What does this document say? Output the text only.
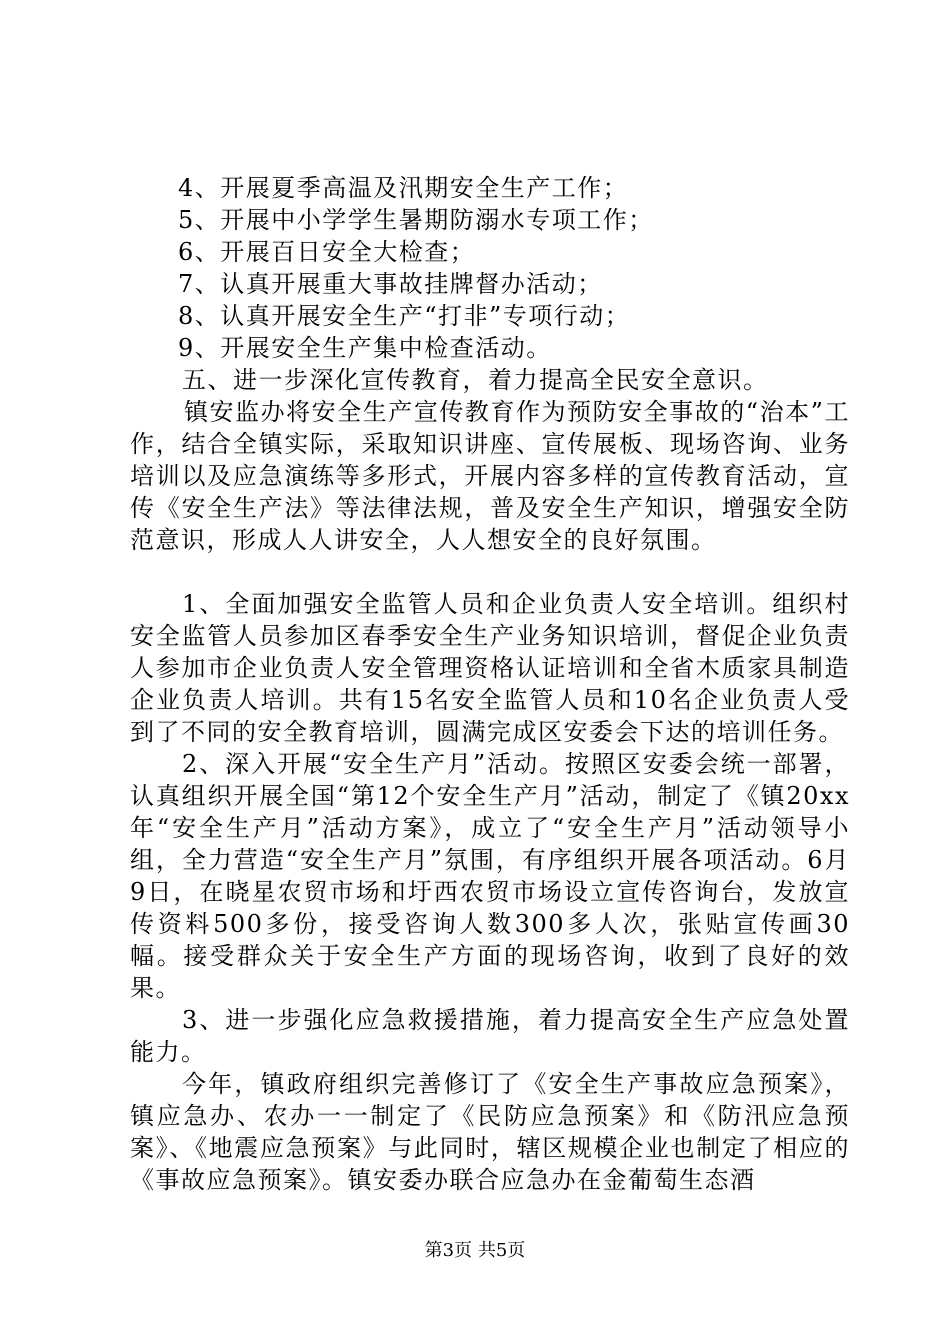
4、开展夏季高温及汛期安全生产工作；
5、开展中小学学生暑期防溺水专项工作；
6、开展百日安全大检查；
7、认真开展重大事故挂牌督办活动；
8、认真开展安全生产“打非”专项行动；
9、开展安全生产集中检查活动。
五、进一步深化宣传教育，着力提高全民安全意识。

镇安监办将安全生产宣传教育作为预防安全事故的“治本”工作，结合全镇实际，采取知识讲座、宣传展板、现场咨询、业务培训以及应急演练等多形式，开展内容多样的宣传教育活动，宣传《安全生产法》等法律法规，普及安全生产知识，增强安全防范意识，形成人人讲安全，人人想安全的良好氛围。

1、全面加强安全监管人员和企业负责人安全培训。组织村安全监管人员参加区春季安全生产业务知识培训，督促企业负责人参加市企业负责人安全管理资格认证培训和全省木质家具制造企业负责人培训。共有15名安全监管人员和10名企业负责人受到了不同的安全教育培训，圆满完成区安委会下达的培训任务。

2、深入开展“安全生产月”活动。按照区安委会统一部署，认真组织开展全国“第12个安全生产月”活动，制定了《镇20xx年“安全生产月”活动方案》，成立了“安全生产月”活动领导小组，全力营造“安全生产月”氛围，有序组织开展各项活动。6月9日，在晓星农贸市场和圩西农贸市场设立宣传咨询台，发放宣传资料500多份，接受咨询人数300多人次，张贴宣传画30幅。接受群众关于安全生产方面的现场咨询，收到了良好的效果。

3、进一步强化应急救援措施，着力提高安全生产应急处置能力。

今年，镇政府组织完善修订了《安全生产事故应急预案》，镇应急办、农办一一制定了《民防应急预案》和《防汛应急预案》、《地震应急预案》与此同时，辖区规模企业也制定了相应的《事故应急预案》。镇安委办联合应急办在金葡萄生态酒

第3页 共5页
